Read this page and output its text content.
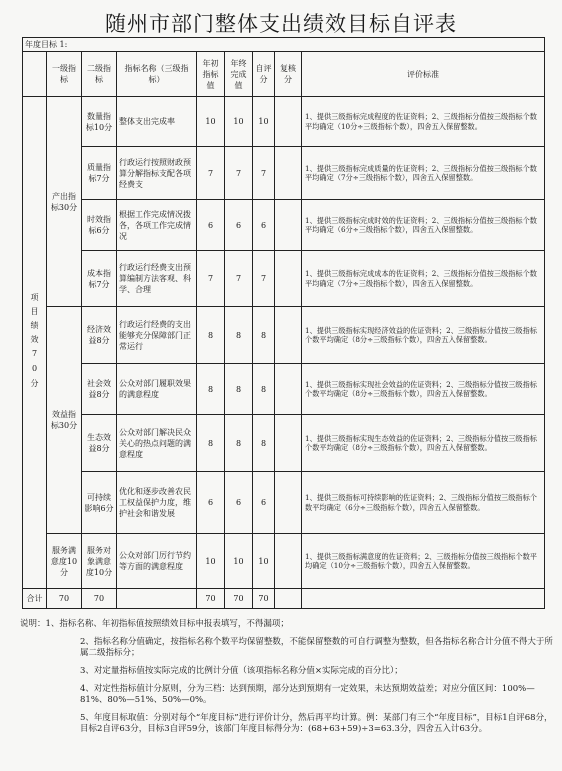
随州市部门整体支出绩效目标自评表
年度目标 1:								
	一级指标	二级指标	指标名称（三级指标）	年初指标值	年终完成值	自评分	复核分	评价标准
项目绩效70分	产出指标30分	数量指标10分	整体支出完成率	10	10	10		1、提供三级指标完成程度的佐证资料；2、三级指标分值按三级指标个数平均确定（10分÷三级指标个数），四舍五入保留整数。
		质量指标7分	行政运行按照财政预算分解指标支配各项经费支	7	7	7		1、提供三级指标完成质量的佐证资料；2、三级指标分值按三级指标个数平均确定（7分÷三级指标个数），四舍五入保留整数。
		时效指标6分	根据工作完成情况拨各，各项工作完成情况	6	6	6		1、提供三级指标完成时效的佐证资料；2、三级指标分值按三级指标个数平均确定（6分÷三级指标个数），四舍五入保留整数。
		成本指标7分	行政运行经费支出预算编制方法客观、科学、合理	7	7	7		1、提供三级指标完成成本的佐证资料；2、三级指标分值按三级指标个数平均确定（7分÷三级指标个数），四舍五入保留整数。
	效益指标30分	经济效益8分	行政运行经费的支出能够充分保障部门正常运行	8	8	8		1、提供三级指标实现经济效益的佐证资料；2、三级指标分值按三级指标个数平均确定（8分÷三级指标个数），四舍五入保留整数。
		社会效益8分	公众对部门履职效果的满意程度	8	8	8		1、提供三级指标实现社会效益的佐证资料；2、三级指标分值按三级指标个数平均确定（8分÷三级指标个数），四舍五入保留整数。
		生态效益8分	公众对部门解决民众关心的热点问题的满意程度	8	8	8		1、提供三级指标实现生态效益的佐证资料；2、三级指标分值按三级指标个数平均确定（8分÷三级指标个数），四舍五入保留整数。
		可持续影响6分	优化和逐步改善农民工权益保护力度，维护社会和谐发展	6	6	6		1、提供三级指标可持续影响的佐证资料；2、三级指标分值按三级指标个数平均确定（6分÷三级指标个数），四舍五入保留整数。
	服务满意度10分	服务对象满意度10分	公众对部门厉行节约等方面的满意程度	10	10	10		1、提供三级指标满意度的佐证资料；2、三级指标分值按三级指标个数平均确定（10分÷三级指标个数），四舍五入保留整数。
合计	70	70		70	70	70		
说明：1、指标名称、年初指标值按照绩效目标申报表填写，不得漏项；
2、指标名称分值确定，按指标名称个数平均保留整数，不能保留整数的可自行调整为整数，但各指标名称合计分值不得大于所属二级指标分；
3、对定量指标值按实际完成的比例计分值（该项指标名称分值×实际完成的百分比）；
4、对定性指标值计分原则，分为三档：达到预期，部分达到预期有一定效果，未达预期效益差；对应分值区间：100%—81%、80%—51%、50%—0%。
5、年度目标取值：分别对每个“年度目标”进行评价计分，然后再平均计算。例：某部门有三个“年度目标”，目标1自评68分，目标2自评63分，目标3自评59分，该部门年度目标得分为：(68+63+59)÷3=63.3分，四舍五入计63分。
